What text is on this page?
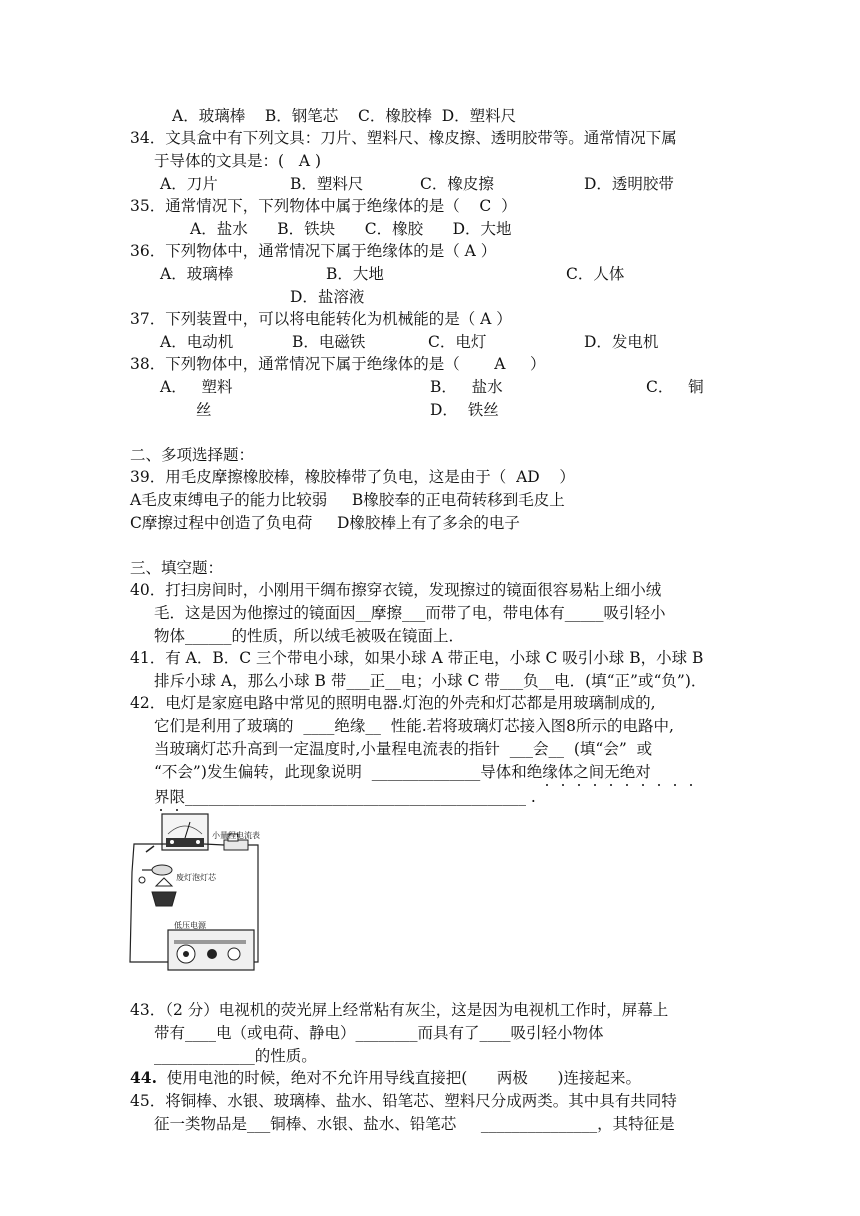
A．玻璃棒    B．钢笔芯    C．橡胶棒  D．塑料尺
34．文具盒中有下列文具：刀片、塑料尺、橡皮擦、透明胶带等。通常情况下属
于导体的文具是：(   A )
A．刀片	B．塑料尺	C．橡皮擦	D．透明胶带
35．通常情况下，下列物体中属于绝缘体的是（    C  ）
A．盐水      B．铁块      C．橡胶      D．大地
36．下列物体中，通常情况下属于绝缘体的是（ A ）
A．玻璃棒	B．大地	C．人体
D．盐溶液
37．下列装置中，可以将电能转化为机械能的是（ A ）
A．电动机	B．电磁铁	C．电灯	D．发电机
38．下列物体中，通常情况下属于绝缘体的是（       A     ）
A．   塑料
丝
B．   盐水	C．   铜
D．  铁丝
二、多项选择题：
39．用毛皮摩擦橡胶棒，橡胶棒带了负电，这是由于（  AD    ）
A毛皮束缚电子的能力比较弱     B橡胶奉的正电荷转移到毛皮上
C摩擦过程中创造了负电荷     D橡胶棒上有了多余的电子
三、填空题：
40．打扫房间时，小刚用干绸布擦穿衣镜，发现擦过的镜面很容易粘上细小绒
毛．这是因为他擦过的镜面因__摩擦___而带了电，带电体有_____吸引轻小
物体______的性质，所以绒毛被吸在镜面上．
41．有 A．B．C 三个带电小球，如果小球 A 带正电，小球 C 吸引小球 B，小球 B
排斥小球 A，那么小球 B 带___正__电；小球 C 带___负__电．(填“正”或“负”)．
42．电灯是家庭电路中常见的照明电器.灯泡的外壳和灯芯都是用玻璃制成的,
它们是利用了玻璃的  ____绝缘__  性能.若将玻璃灯芯接入图8所示的电路中,
当玻璃灯芯升高到一定温度时,小量程电流表的指针  ___会__  (填“会”  或
“不会”)发生偏转，此现象说明  ______________导体和绝缘体之间无绝对
界限____________________________________________ .
小量程电流表
废灯泡灯芯
低压电源
43．（2 分）电视机的荧光屏上经常粘有灰尘，这是因为电视机工作时，屏幕上
带有____电（或电荷、静电）________而具有了____吸引轻小物体
_____________的性质。
44.
使用电池的时候，绝对不允许用导线直接把(      两极      )连接起来。
45．将铜棒、水银、玻璃棒、盐水、铅笔芯、塑料尺分成两类。其中具有共同特
征一类物品是___铜棒、水银、盐水、铅笔芯     _______________，其特征是
